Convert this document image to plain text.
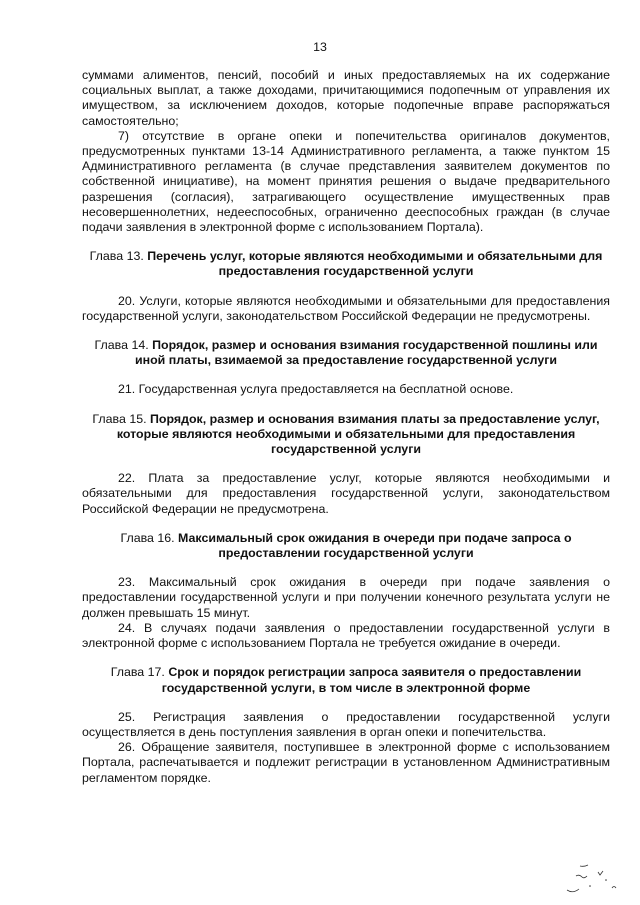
13

суммами алиментов, пенсий, пособий и иных предоставляемых на их содержание социальных выплат, а также доходами, причитающимися подопечным от управления их имуществом, за исключением доходов, которые подопечные вправе распоряжаться самостоятельно;

7) отсутствие в органе опеки и попечительства оригиналов документов, предусмотренных пунктами 13-14 Административного регламента, а также пунктом 15 Административного регламента (в случае представления заявителем документов по собственной инициативе), на момент принятия решения о выдаче предварительного разрешения (согласия), затрагивающего осуществление имущественных прав несовершеннолетних, недееспособных, ограниченно дееспособных граждан (в случае подачи заявления в электронной форме с использованием Портала).

Глава 13. Перечень услуг, которые являются необходимыми и обязательными для предоставления государственной услуги

20. Услуги, которые являются необходимыми и обязательными для предоставления государственной услуги, законодательством Российской Федерации не предусмотрены.

Глава 14. Порядок, размер и основания взимания государственной пошлины или иной платы, взимаемой за предоставление государственной услуги

21. Государственная услуга предоставляется на бесплатной основе.

Глава 15. Порядок, размер и основания взимания платы за предоставление услуг, которые являются необходимыми и обязательными для предоставления государственной услуги

22. Плата за предоставление услуг, которые являются необходимыми и обязательными для предоставления государственной услуги, законодательством Российской Федерации не предусмотрена.

Глава 16. Максимальный срок ожидания в очереди при подаче запроса о предоставлении государственной услуги

23. Максимальный срок ожидания в очереди при подаче заявления о предоставлении государственной услуги и при получении конечного результата услуги не должен превышать 15 минут.

24. В случаях подачи заявления о предоставлении государственной услуги в электронной форме с использованием Портала не требуется ожидание в очереди.

Глава 17. Срок и порядок регистрации запроса заявителя о предоставлении государственной услуги, в том числе в электронной форме

25. Регистрация заявления о предоставлении государственной услуги осуществляется в день поступления заявления в орган опеки и попечительства.

26. Обращение заявителя, поступившее в электронной форме с использованием Портала, распечатывается и подлежит регистрации в установленном Административным регламентом порядке.
